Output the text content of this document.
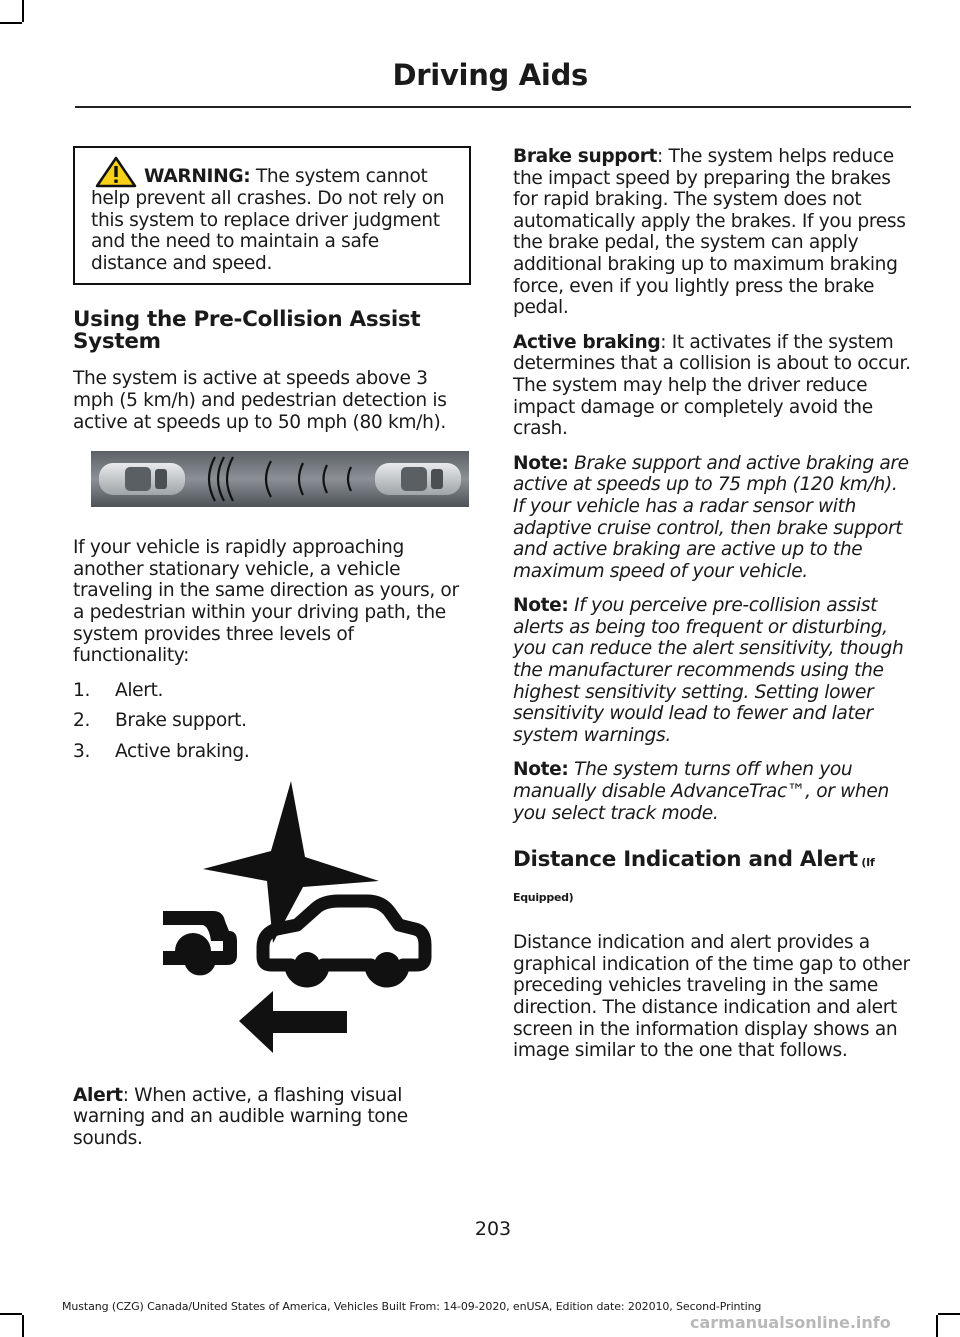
Driving Aids

WARNING: The system cannot help prevent all crashes. Do not rely on this system to replace driver judgment and the need to maintain a safe distance and speed.

Using the Pre-Collision Assist System

The system is active at speeds above 3 mph (5 km/h) and pedestrian detection is active at speeds up to 50 mph (80 km/h).

If your vehicle is rapidly approaching another stationary vehicle, a vehicle traveling in the same direction as yours, or a pedestrian within your driving path, the system provides three levels of functionality:

1.	Alert.
2.	Brake support.
3.	Active braking.

Alert: When active, a flashing visual warning and an audible warning tone sounds.

Brake support: The system helps reduce the impact speed by preparing the brakes for rapid braking. The system does not automatically apply the brakes. If you press the brake pedal, the system can apply additional braking up to maximum braking force, even if you lightly press the brake pedal.

Active braking: It activates if the system determines that a collision is about to occur. The system may help the driver reduce impact damage or completely avoid the crash.

Note: Brake support and active braking are active at speeds up to 75 mph (120 km/h). If your vehicle has a radar sensor with adaptive cruise control, then brake support and active braking are active up to the maximum speed of your vehicle.

Note: If you perceive pre-collision assist alerts as being too frequent or disturbing, you can reduce the alert sensitivity, though the manufacturer recommends using the highest sensitivity setting. Setting lower sensitivity would lead to fewer and later system warnings.

Note: The system turns off when you manually disable AdvanceTrac™, or when you select track mode.

Distance Indication and Alert (If Equipped)

Distance indication and alert provides a graphical indication of the time gap to other preceding vehicles traveling in the same direction. The distance indication and alert screen in the information display shows an image similar to the one that follows.

203
Mustang (CZG) Canada/United States of America, Vehicles Built From: 14-09-2020, enUSA, Edition date: 202010, Second-Printing
carmanualsonline.info
